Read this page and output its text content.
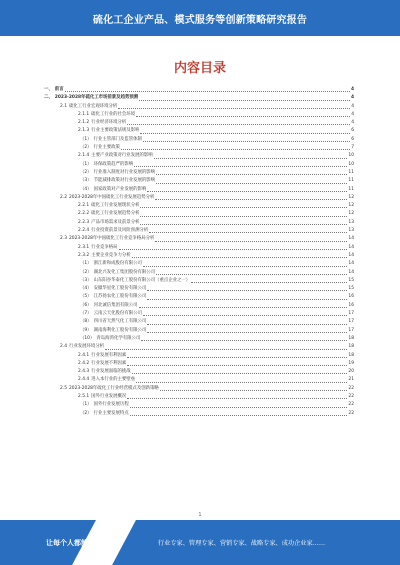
硫化工企业产品、模式服务等创新策略研究报告
内容目录
一、 前言	4
二、 2023-2028年硫化工市场前景及趋势预测	4
2.1 硫化工行业宏观环境分析	4
2.1.1 硫化工行业的社会环境	4
2.1.2 行业经济环境分析	4
2.1.3 行业主要政策法规及影响	6
（1） 行业主管部门及监管体制	6
（2） 行业主要政策	7
2.1.4 主要产业政策对行业发展的影响	10
（1） 环保政策趋严的影响	10
（2） 行业准入制度对行业发展的影响	11
（3） 节能减排政策对行业发展的影响	11
（4） 国家政策对产业发展的影响	11
2.2 2023-2028年中国硫化工行业发展趋势分析	12
2.2.1 硫化工行业发展现状分析	12
2.2.2 硫化工行业发展趋势分析	12
2.2.3 产品市场需求及前景分析	13
2.2.4 行业投资前景及风险预测分析	13
2.3 2023-2028年中国硫化工行业竞争格局分析	14
2.3.1 行业竞争格局	14
2.3.2 主要企业竞争力分析	14
（1） 浙江新和成股份有限公司	14
（2） 湖北兴发化工集团股份有限公司	14
（3） 山东阳谷华泰化工股份有限公司（重点企业之一）	15
（4） 安徽华星化工股份有限公司	15
（5） 江苏扬农化工股份有限公司	16
（6） 河北诚信集团有限公司	16
（7） 云南云天化股份有限公司	17
（8） 四川省天然气化工有限公司	17
（9） 湖南海利化工股份有限公司	17
（10） 青岛海湾化学有限公司	18
2.4 行业发展环境分析	18
2.4.1 行业发展有利因素	18
2.4.2 行业发展不利因素	19
2.4.3 行业发展面临的挑战	20
2.4.4 进入本行业的主要壁垒	21
2.5 2023-2028年硫化工行业经营模式及创新策略	22
2.5.1 国外行业发展概况	22
（1） 国外行业发展历程	22
（2） 行业主要发展特点	22
1
让每个人都能成为	行业专家、管理专家、营销专家、战略专家、成功企业家……
